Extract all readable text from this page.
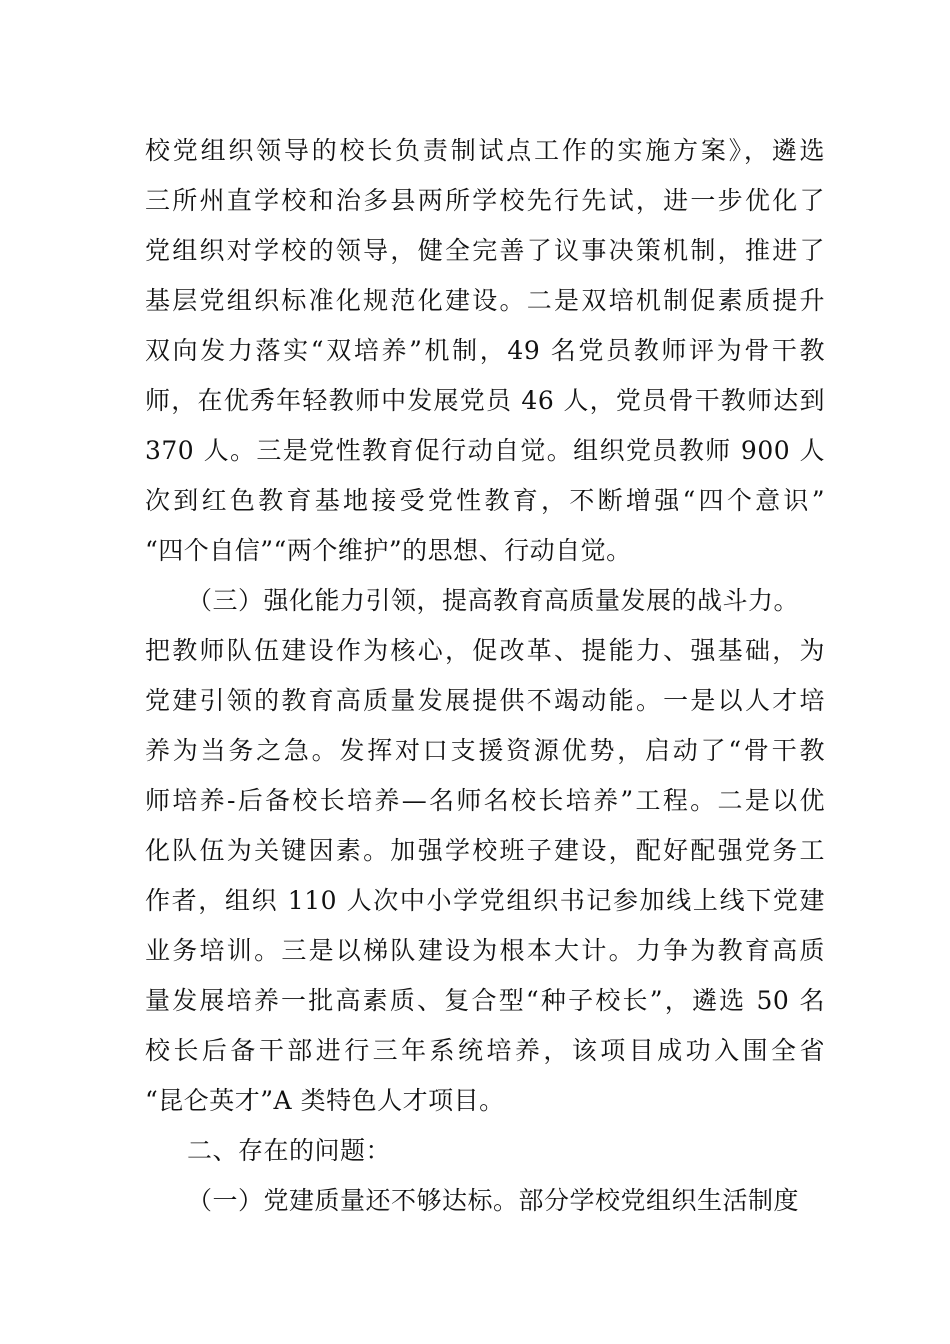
校党组织领导的校长负责制试点工作的实施方案》，遴选
三所州直学校和治多县两所学校先行先试，进一步优化了
党组织对学校的领导，健全完善了议事决策机制，推进了
基层党组织标准化规范化建设。二是双培机制促素质提升
双向发力落实“双培养”机制，49 名党员教师评为骨干教
师，在优秀年轻教师中发展党员 46 人，党员骨干教师达到
370 人。三是党性教育促行动自觉。组织党员教师 900 人
次到红色教育基地接受党性教育，不断增强“四个意识”
“四个自信”“两个维护”的思想、行动自觉。
（三）强化能力引领，提高教育高质量发展的战斗力。
把教师队伍建设作为核心，促改革、提能力、强基础，为
党建引领的教育高质量发展提供不竭动能。一是以人才培
养为当务之急。发挥对口支援资源优势，启动了“骨干教
师培养-后备校长培养—名师名校长培养”工程。二是以优
化队伍为关键因素。加强学校班子建设，配好配强党务工
作者，组织 110 人次中小学党组织书记参加线上线下党建
业务培训。三是以梯队建设为根本大计。力争为教育高质
量发展培养一批高素质、复合型“种子校长”，遴选 50 名
校长后备干部进行三年系统培养，该项目成功入围全省
“昆仑英才”A 类特色人才项目。
二、存在的问题：
（一）党建质量还不够达标。部分学校党组织生活制度
